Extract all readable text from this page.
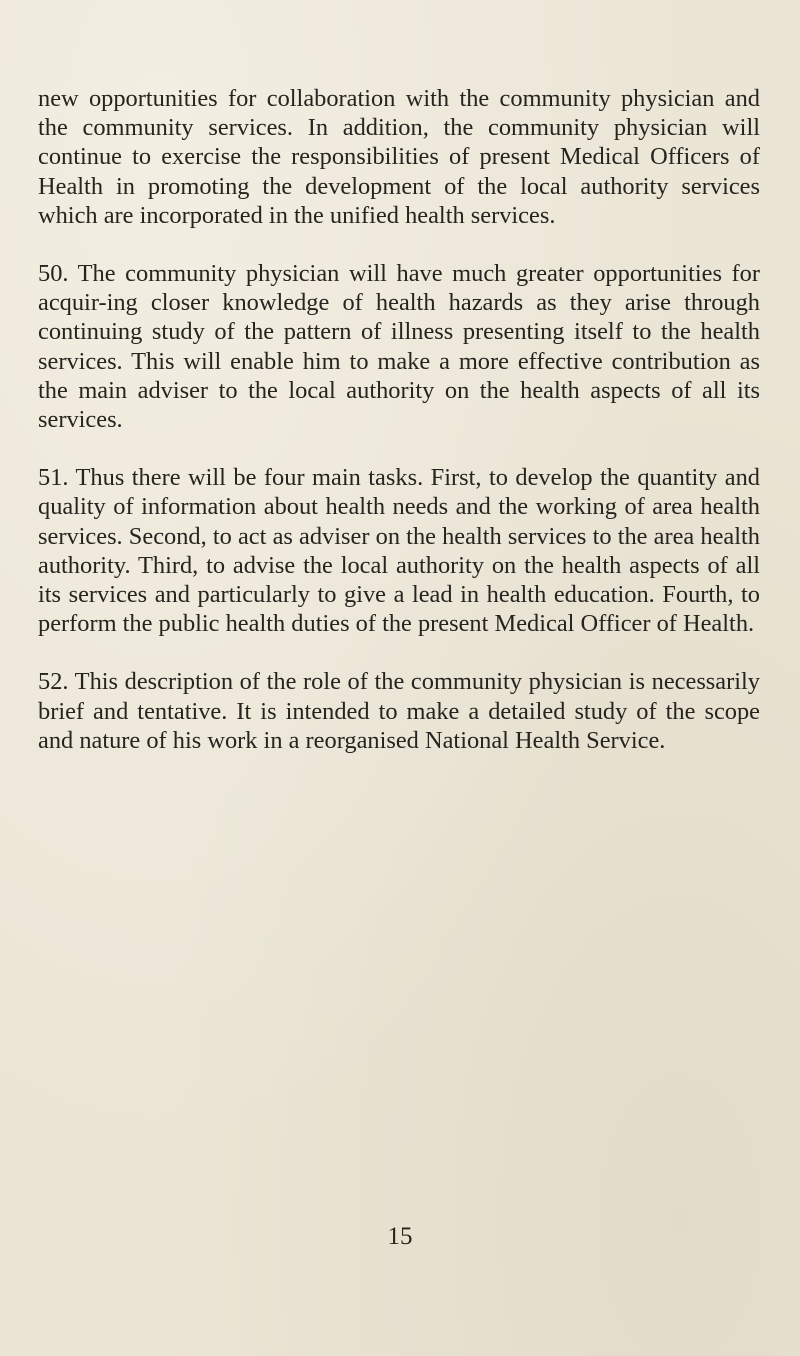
new opportunities for collaboration with the community physician and the community services. In addition, the community physician will continue to exercise the responsibilities of present Medical Officers of Health in promoting the development of the local authority services which are incorporated in the unified health services.

50. The community physician will have much greater opportunities for acquir-ing closer knowledge of health hazards as they arise through continuing study of the pattern of illness presenting itself to the health services. This will enable him to make a more effective contribution as the main adviser to the local authority on the health aspects of all its services.

51. Thus there will be four main tasks. First, to develop the quantity and quality of information about health needs and the working of area health services. Second, to act as adviser on the health services to the area health authority. Third, to advise the local authority on the health aspects of all its services and particularly to give a lead in health education. Fourth, to perform the public health duties of the present Medical Officer of Health.

52. This description of the role of the community physician is necessarily brief and tentative. It is intended to make a detailed study of the scope and nature of his work in a reorganised National Health Service.

15
